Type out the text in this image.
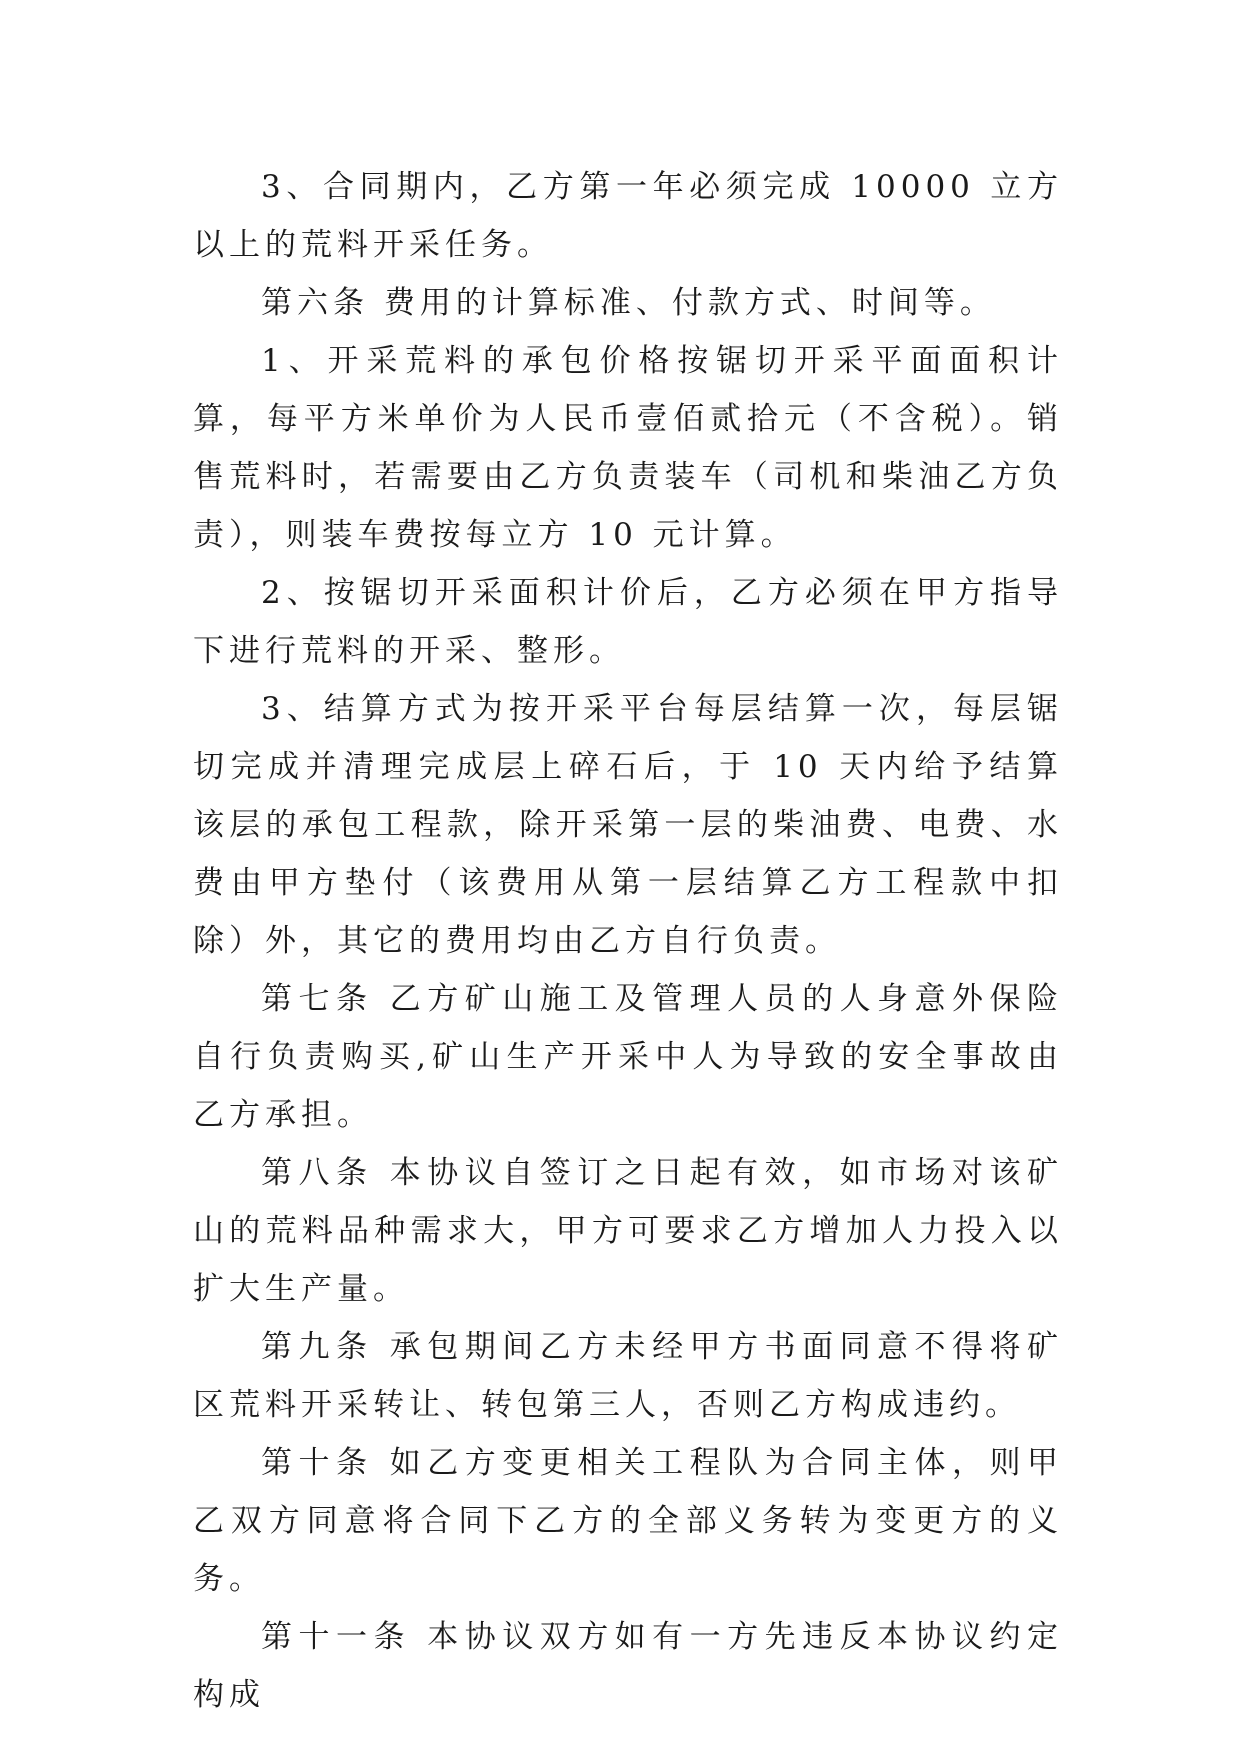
3、合同期内，乙方第一年必须完成 10000 立方以上的荒料开采任务。

第六条 费用的计算标准、付款方式、时间等。

1、开采荒料的承包价格按锯切开采平面面积计算，每平方米单价为人民币壹佰贰拾元（不含税）。销售荒料时，若需要由乙方负责装车（司机和柴油乙方负责），则装车费按每立方 10 元计算。

2、按锯切开采面积计价后，乙方必须在甲方指导下进行荒料的开采、整形。

3、结算方式为按开采平台每层结算一次，每层锯切完成并清理完成层上碎石后，于 10 天内给予结算该层的承包工程款，除开采第一层的柴油费、电费、水费由甲方垫付（该费用从第一层结算乙方工程款中扣除）外，其它的费用均由乙方自行负责。

第七条 乙方矿山施工及管理人员的人身意外保险自行负责购买,矿山生产开采中人为导致的安全事故由乙方承担。

第八条 本协议自签订之日起有效，如市场对该矿山的荒料品种需求大，甲方可要求乙方增加人力投入以扩大生产量。

第九条 承包期间乙方未经甲方书面同意不得将矿区荒料开采转让、转包第三人，否则乙方构成违约。

第十条 如乙方变更相关工程队为合同主体，则甲乙双方同意将合同下乙方的全部义务转为变更方的义务。

第十一条 本协议双方如有一方先违反本协议约定构成
